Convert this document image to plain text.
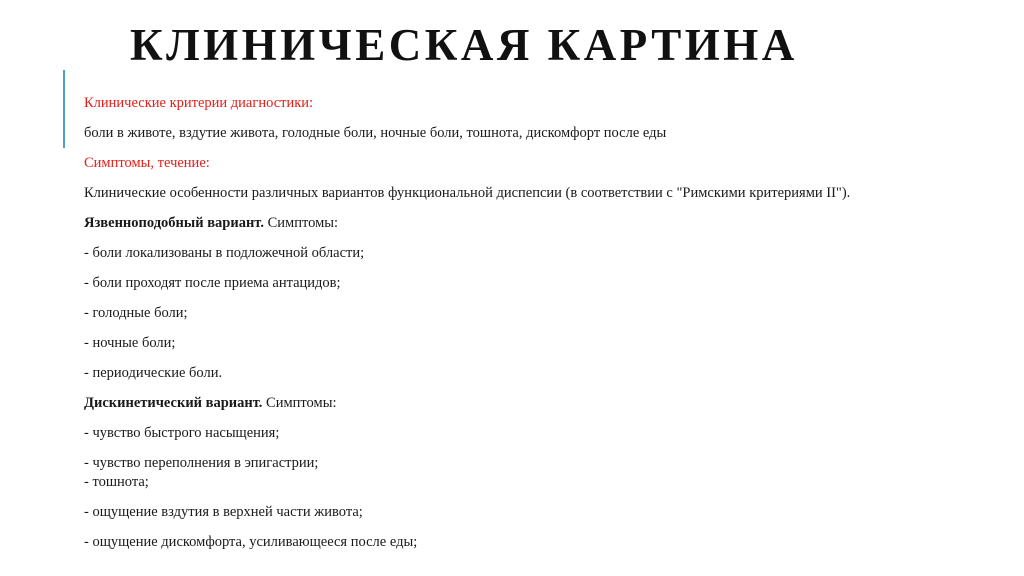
КЛИНИЧЕСКАЯ КАРТИНА

Клинические критерии диагностики:

боли в животе, вздутие живота, голодные боли, ночные боли, тошнота, дискомфорт после еды

Симптомы, течение:

Клинические особенности различных вариантов функциональной диспепсии (в соответствии с "Римскими критериями II").

Язвенноподобный вариант. Симптомы:

- боли локализованы в подложечной области;

- боли проходят после приема антацидов;

- голодные боли;

- ночные боли;

- периодические боли.

Дискинетический вариант. Симптомы:

- чувство быстрого насыщения;

- чувство переполнения в эпигастрии;

- тошнота;

- ощущение вздутия в верхней части живота;

- ощущение дискомфорта, усиливающееся после еды;
